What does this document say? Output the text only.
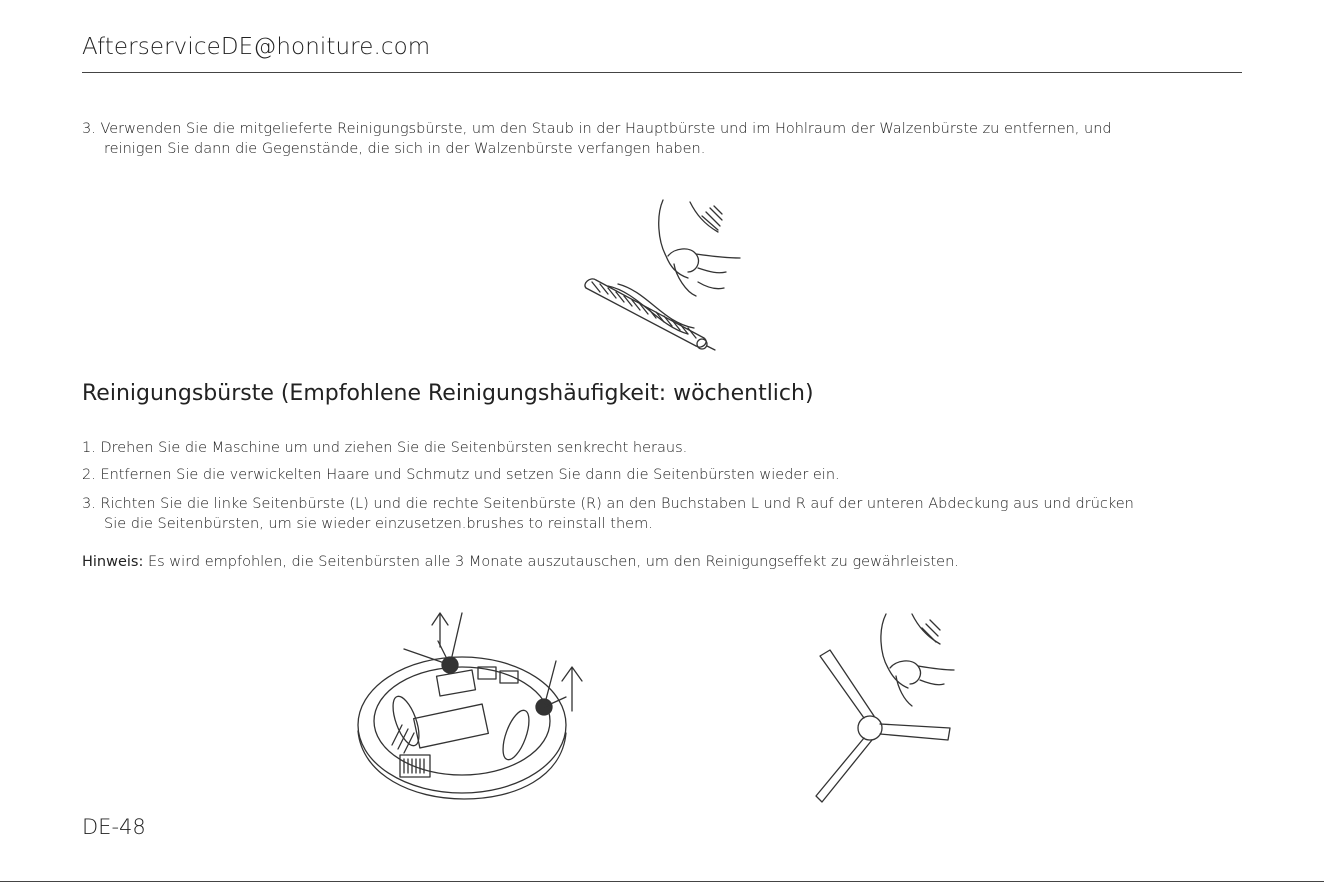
AfterserviceDE@honiture.com
3. Verwenden Sie die mitgelieferte Reinigungsbürste, um den Staub in der Hauptbürste und im Hohlraum der Walzenbürste zu entfernen, und
reinigen Sie dann die Gegenstände, die sich in der Walzenbürste verfangen haben.
Reinigungsbürste (Empfohlene Reinigungshäufigkeit: wöchentlich)
1. Drehen Sie die Maschine um und ziehen Sie die Seitenbürsten senkrecht heraus.
2. Entfernen Sie die verwickelten Haare und Schmutz und setzen Sie dann die Seitenbürsten wieder ein.
3. Richten Sie die linke Seitenbürste (L) und die rechte Seitenbürste (R) an den Buchstaben L und R auf der unteren Abdeckung aus und drücken
Sie die Seitenbürsten, um sie wieder einzusetzen.brushes to reinstall them.
Hinweis: Es wird empfohlen, die Seitenbürsten alle 3 Monate auszutauschen, um den Reinigungseffekt zu gewährleisten.
DE-48
